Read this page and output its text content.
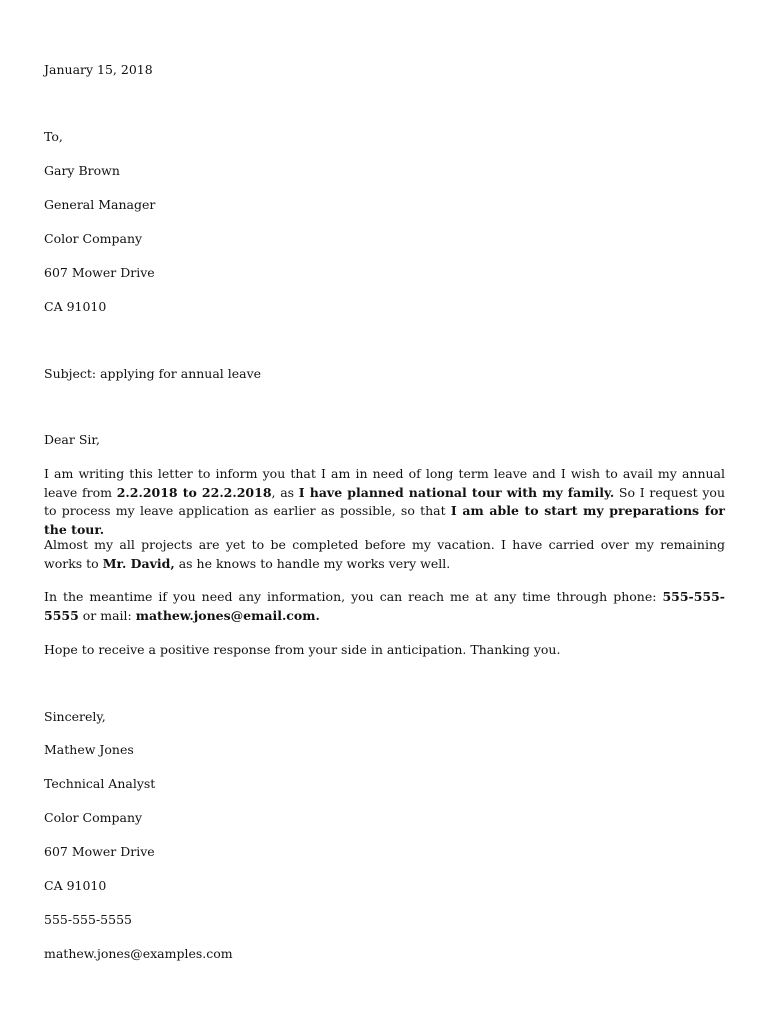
January 15, 2018
To,
Gary Brown
General Manager
Color Company
607 Mower Drive
CA 91010
Subject: applying for annual leave
Dear Sir,
I am writing this letter to inform you that I am in need of long term leave and I wish to avail my annual leave from 2.2.2018 to 22.2.2018, as I have planned national tour with my family. So I request you to process my leave application as earlier as possible, so that I am able to start my preparations for the tour.
Almost my all projects are yet to be completed before my vacation. I have carried over my remaining works to Mr. David, as he knows to handle my works very well.
In the meantime if you need any information, you can reach me at any time through phone: 555-555-5555 or mail: mathew.jones@email.com.
Hope to receive a positive response from your side in anticipation. Thanking you.
Sincerely,
Mathew Jones
Technical Analyst
Color Company
607 Mower Drive
CA 91010
555-555-5555
mathew.jones@examples.com
